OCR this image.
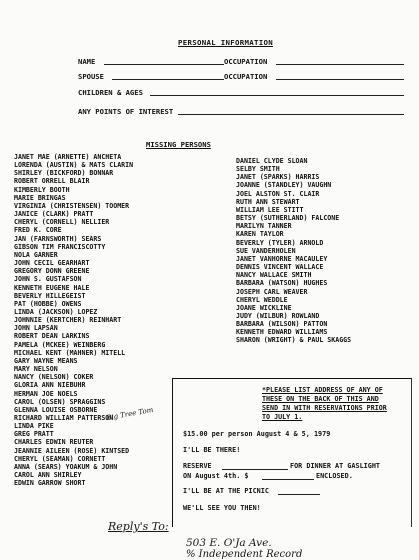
PERSONAL INFORMATION
NAME	OCCUPATION
SPOUSE	OCCUPATION
CHILDREN & AGES
ANY POINTS OF INTEREST
MISSING PERSONS
JANET MAE (ARNETTE) ANCHETA
LORENDA (AUSTIN) & MATS CLARIN
SHIRLEY (BICKFORD) BONNAR
ROBERT ORRELL BLAIR
KIMBERLY BOOTH
MARIE BRINGAS
VIRGINIA (CHRISTENSEN) TOOMER
JANICE (CLARK) PRATT
CHERYL (CORNELL) NELLIER
FRED K. CORE
JAN (FARNSWORTH) SEARS
GIBSON TIM FRANCISCOTTY
NOLA GARNER
JOHN CECIL GEARHART
GREGORY DONN GREENE
JOHN S. GUSTAFSON
KENNETH EUGENE HALE
BEVERLY HILLEGEIST
PAT (HOBBE) OWENS
LINDA (JACKSON) LOPEZ
JOHNNIE (KERTCHER) REINHART
JOHN LAPSAN
ROBERT DEAN LARKINS
PAMELA (MCKEE) WEINBERG
MICHAEL KENT (MAHNER) MITELL
GARY WAYNE MEANS
MARY NELSON
NANCY (NELSON) COKER
GLORIA ANN NIEBUHR
HERMAN JOE NOELS
CAROL (OLSEN) SPRAGGINS
GLENNA LOUISE OSBORNE
RICHARD WILLIAM PATTERSON
LINDA PIKE
GREG PRATT
CHARLES EDWIN REUTER
JEANNIE AILEEN (ROSE) KINTSED
CHERYL (SEAMAN) CORNETT
ANNA (SEARS) YOAKUM & JOHN
CAROL ANN SHIRLEY
EDWIN GARROW SHORT
DANIEL CLYDE SLOAN
SELBY SMITH
JANET (SPARKS) HARRIS
JOANNE (STANDLEY) VAUGHN
JOEL ALSTON ST. CLAIR
RUTH ANN STEWART
WILLIAM LEE STITT
BETSY (SUTHERLAND) FALCONE
MARILYN TANNER
KAREN TAYLOR
BEVERLY (TYLER) ARNOLD
SUE VANDERHOLEN
JANET VANHORNE MACAULEY
DENNIS VINCENT WALLACE
NANCY WALLACE SMITH
BARBARA (WATSON) HUGHES
JOSEPH CARL WEAVER
CHERYL WEDDLE
JOANE WICKLINE
JUDY (WILBUR) ROWLAND
BARBARA (WILSON) PATTON
KENNETH EDWARD WILLIAMS
SHARON (WRIGHT) & PAUL SKAGGS
*PLEASE LIST ADDRESS OF ANY OF
THESE ON THE BACK OF THIS AND
SEND IN WITH RESERVATIONS PRIOR
TO JULY 1.
$15.00 per person August 4 & 5, 1979
I'LL BE THERE!
RESERVE	FOR DINNER AT GASLIGHT
ON August 4th. $	ENCLOSED.
I'LL BE AT THE PICNIC
WE'LL SEE YOU THEN!
Big Tree Tom
Reply's To:
503 E. O'Ja Ave.
% Independent Record
